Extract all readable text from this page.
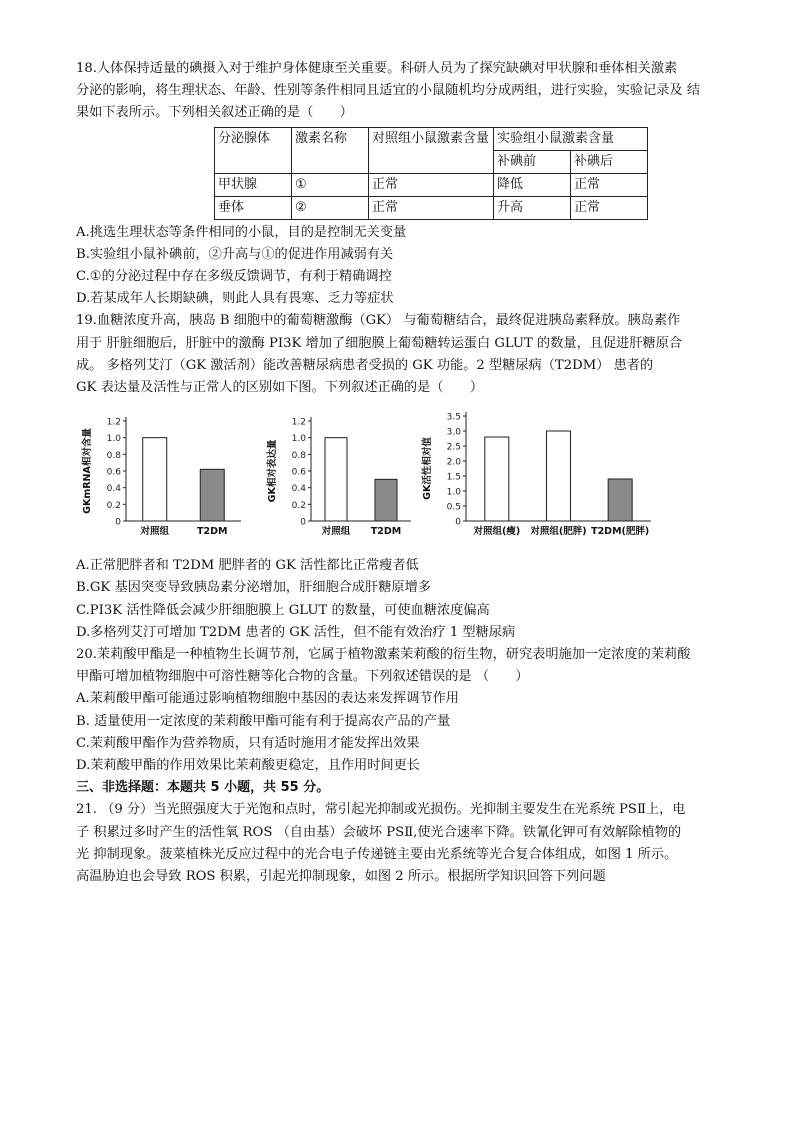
18.人体保持适量的碘摄入对于维护身体健康至关重要。科研人员为了探究缺碘对甲状腺和垂体相关激素

分泌的影响，将生理状态、年龄、性别等条件相同且适宜的小鼠随机均分成两组，进行实验，实验记录及 结

果如下表所示。下列相关叙述正确的是（　　）

分泌腺体	激素名称	对照组小鼠激素含量	实验组小鼠激素含量	
			补碘前	补碘后
甲状腺	①	正常	降低	正常
垂体	②	正常	升高	正常

A.挑选生理状态等条件相同的小鼠，目的是控制无关变量

B.实验组小鼠补碘前，②升高与①的促进作用减弱有关

C.①的分泌过程中存在多级反馈调节，有利于精确调控

D.若某成年人长期缺碘，则此人具有畏寒、乏力等症状

19.血糖浓度升高，胰岛 B 细胞中的葡萄糖激酶（GK） 与葡萄糖结合，最终促进胰岛素释放。胰岛素作

用于 肝脏细胞后，肝脏中的激酶 PI3K 增加了细胞膜上葡萄糖转运蛋白 GLUT 的数量，且促进肝糖原合

成。 多格列艾汀（GK 激活剂）能改善糖尿病患者受损的 GK 功能。2 型糖尿病（T2DM） 患者的

GK 表达量及活性与正常人的区别如下图。下列叙述正确的是（　　）

0
0.2
0.4
0.6
0.8
1.0
1.2
GKmRNA相对含量
对照组	T2DM
0
0.2
0.4
0.6
0.8
1.0
1.2
GK相对表达量
对照组 T2DM
0
0.5
1.0
1.5
2.0
2.5
3.0
3.5
GK活性相对值
对照组(瘦) 对照组(肥胖) T2DM(肥胖)

A.正常肥胖者和 T2DM 肥胖者的 GK 活性都比正常瘦者低

B.GK 基因突变导致胰岛素分泌增加，肝细胞合成肝糖原增多

C.PI3K 活性降低会减少肝细胞膜上 GLUT 的数量，可使血糖浓度偏高

D.多格列艾汀可增加 T2DM 患者的 GK 活性，但不能有效治疗 1 型糖尿病

20.茉莉酸甲酯是一种植物生长调节剂，它属于植物激素茉莉酸的衍生物，研究表明施加一定浓度的茉莉酸

甲酯可增加植物细胞中可溶性糖等化合物的含量。下列叙述错误的是 （　　）

A.茉莉酸甲酯可能通过影响植物细胞中基因的表达来发挥调节作用

B. 适量使用一定浓度的茉莉酸甲酯可能有利于提高农产品的产量

C.茉莉酸甲酯作为营养物质，只有适时施用才能发挥出效果

D.茉莉酸甲酯的作用效果比茉莉酸更稳定，且作用时间更长

三、非选择题：本题共 5 小题，共 55 分。

21. （9 分）当光照强度大于光饱和点时，常引起光抑制或光损伤。光抑制主要发生在光系统 PSⅡ上，电

子 积累过多时产生的活性氧 ROS （自由基）会破坏 PSⅡ,使光合速率下降。铁氰化钾可有效解除植物的

光 抑制现象。菠菜植株光反应过程中的光合电子传递链主要由光系统等光合复合体组成，如图 1 所示。

高温胁迫也会导致 ROS 积累，引起光抑制现象，如图 2 所示。根据所学知识回答下列问题
